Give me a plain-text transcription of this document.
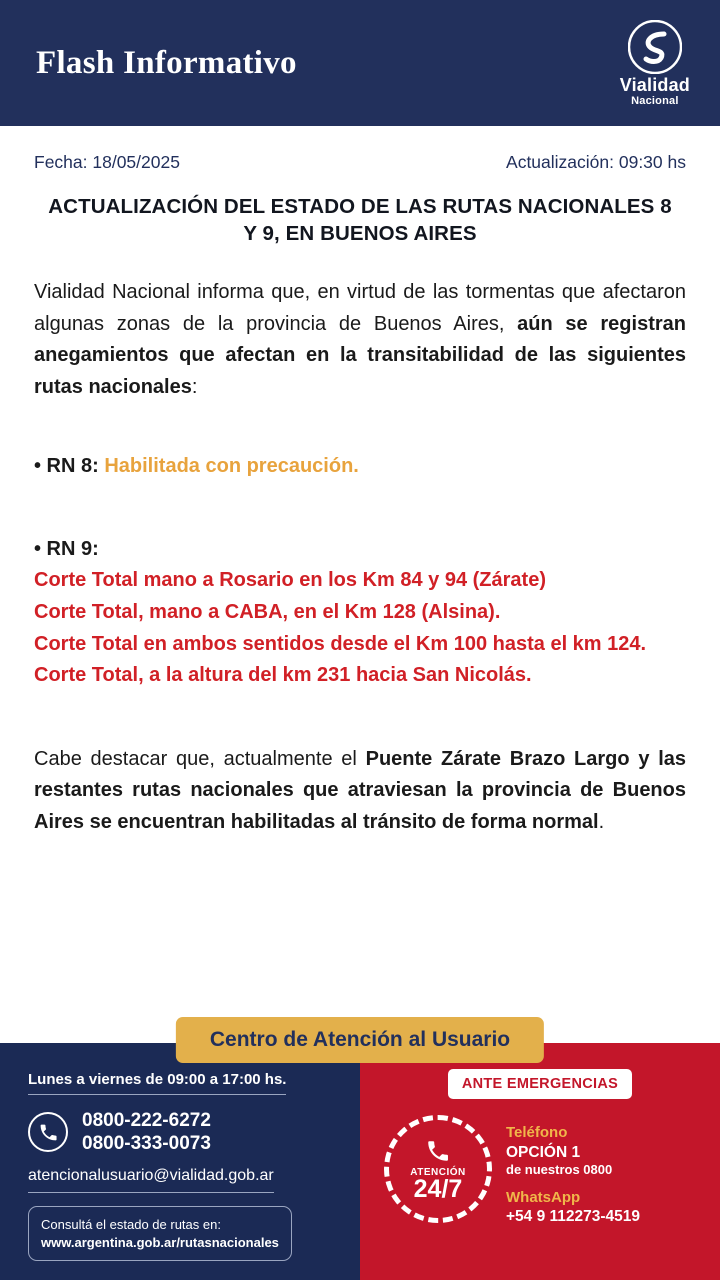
Flash Informativo
Vialidad
Nacional
Fecha: 18/05/2025	Actualización: 09:30 hs
ACTUALIZACIÓN DEL ESTADO DE LAS RUTAS NACIONALES 8 Y 9, EN BUENOS AIRES

Vialidad Nacional informa que, en virtud de las tormentas que afectaron algunas zonas de la provincia de Buenos Aires, aún se registran anegamientos que afectan en la transitabilidad de las siguientes rutas nacionales:

• RN 8: Habilitada con precaución.
• RN 9:
Corte Total mano a Rosario en los Km 84 y 94 (Zárate)
Corte Total, mano a CABA, en el Km 128 (Alsina).
Corte Total en ambos sentidos desde el Km 100 hasta el km 124.
Corte Total, a la altura del km 231 hacia San Nicolás.

Cabe destacar que, actualmente el Puente Zárate Brazo Largo y las restantes rutas nacionales que atraviesan la provincia de Buenos Aires se encuentran habilitadas al tránsito de forma normal.

Centro de Atención al Usuario
Lunes a viernes de 09:00 a 17:00 hs.
0800-222-6272
0800-333-0073
atencionalusuario@vialidad.gob.ar
Consultá el estado de rutas en:
www.argentina.gob.ar/rutasnacionales
ANTE EMERGENCIAS
ATENCIÓN
24/7
Teléfono
OPCIÓN 1
de nuestros 0800
WhatsApp
+54 9 112273-4519
